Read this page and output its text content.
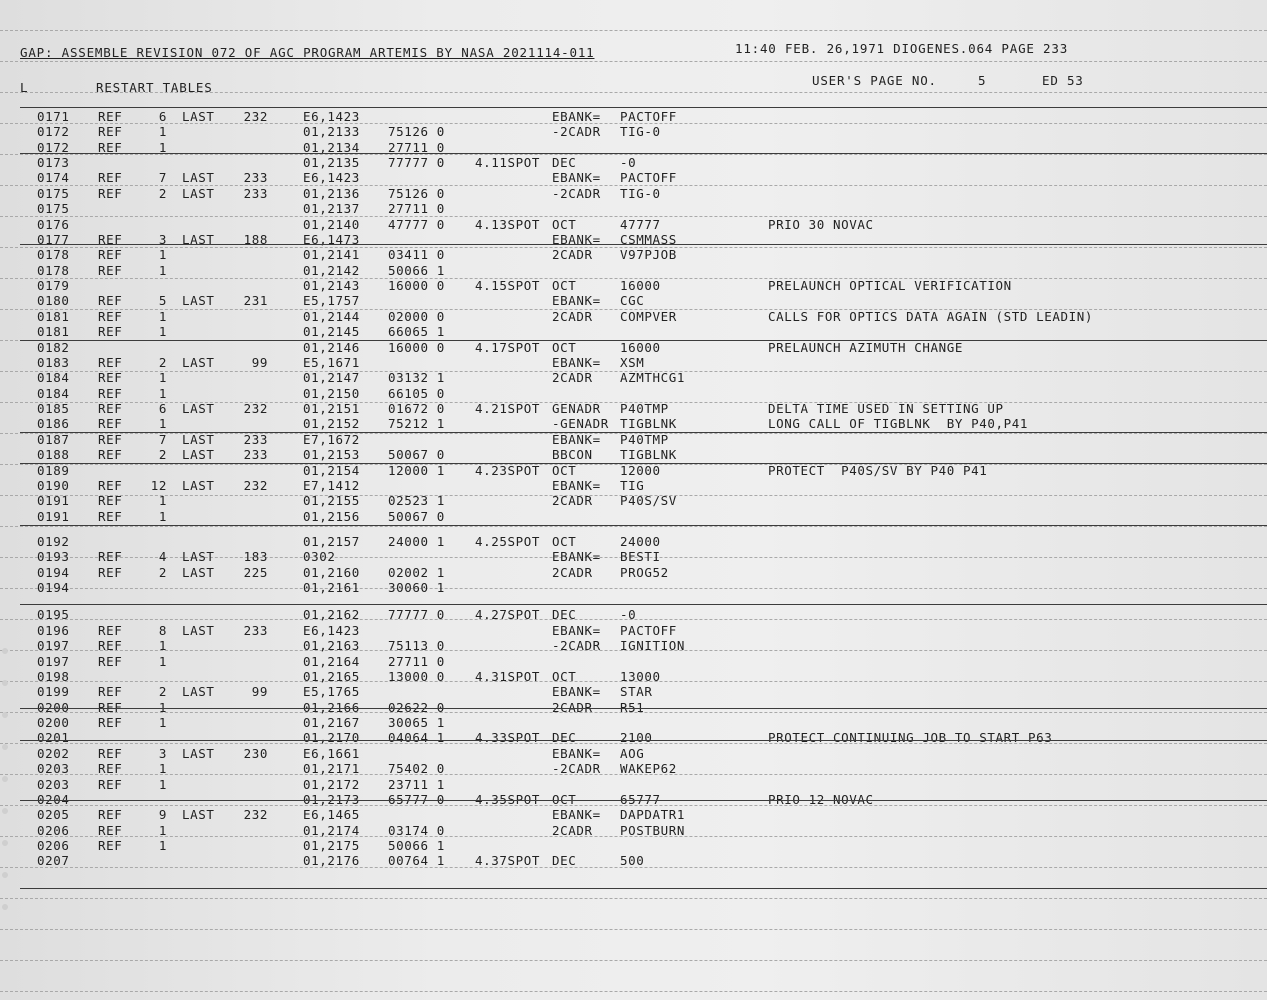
GAP: ASSEMBLE REVISION 072 OF AGC PROGRAM ARTEMIS BY NASA 2021114-011	11:40 FEB. 26,1971 DIOGENES.064 PAGE 233
L	RESTART TABLES	USER'S PAGE NO.	5	ED 53
0171 REF	6 LAST	232	E6,1423	EBANK= PACTOFF
0172 REF	1	01,2133 75126 0	-2CADR TIG-0
0172 REF	1	01,2134 27711 0
0173	01,2135 77777 0 4.11SPOT DEC	-0
0174 REF	7 LAST	233	E6,1423	EBANK= PACTOFF
0175 REF	2 LAST	233	01,2136 75126 0	-2CADR TIG-0
0175	01,2137 27711 0
0176	01,2140 47777 0 4.13SPOT OCT	47777	PRIO 30 NOVAC
0177 REF	3 LAST	188	E6,1473	EBANK= CSMMASS
0178 REF	1	01,2141 03411 0	2CADR V97PJOB
0178 REF	1	01,2142 50066 1
0179	01,2143 16000 0 4.15SPOT OCT	16000	PRELAUNCH OPTICAL VERIFICATION
0180 REF	5 LAST	231	E5,1757	EBANK= CGC
0181 REF	1	01,2144 02000 0	2CADR COMPVER	CALLS FOR OPTICS DATA AGAIN (STD LEADIN)
0181 REF	1	01,2145 66065 1
0182	01,2146 16000 0 4.17SPOT OCT	16000	PRELAUNCH AZIMUTH CHANGE
0183 REF	2 LAST	99	E5,1671	EBANK= XSM
0184 REF	1	01,2147 03132 1	2CADR AZMTHCG1
0184 REF	1	01,2150 66105 0
0185 REF	6 LAST	232	01,2151 01672 0 4.21SPOT GENADR P40TMP	DELTA TIME USED IN SETTING UP
0186 REF	1	01,2152 75212 1	-GENADR TIGBLNK	LONG CALL OF TIGBLNK  BY P40,P41
0187 REF	7 LAST	233	E7,1672	EBANK= P40TMP
0188 REF	2 LAST	233	01,2153 50067 0	BBCON TIGBLNK
0189	01,2154 12000 1 4.23SPOT OCT	12000	PROTECT  P40S/SV BY P40 P41
0190 REF	12 LAST	232	E7,1412	EBANK= TIG
0191 REF	1	01,2155 02523 1	2CADR P40S/SV
0191 REF	1	01,2156 50067 0
0192	01,2157 24000 1 4.25SPOT OCT	24000
0193 REF	4 LAST	183	0302	EBANK= BESTI
0194 REF	2 LAST	225	01,2160 02002 1	2CADR PROG52
0194	01,2161 30060 1
0195	01,2162 77777 0 4.27SPOT DEC	-0
0196 REF	8 LAST	233	E6,1423	EBANK= PACTOFF
0197 REF	1	01,2163 75113 0	-2CADR IGNITION
0197 REF	1	01,2164 27711 0
0198	01,2165 13000 0 4.31SPOT OCT	13000
0199 REF	2 LAST	99	E5,1765	EBANK= STAR
0200 REF	1	01,2166 02622 0	2CADR R51
0200 REF	1	01,2167 30065 1
0201	01,2170 04064 1 4.33SPOT DEC	2100	PROTECT CONTINUING JOB TO START P63
0202 REF	3 LAST	230	E6,1661	EBANK= AOG
0203 REF	1	01,2171 75402 0	-2CADR WAKEP62
0203 REF	1	01,2172 23711 1
0204	01,2173 65777 0 4.35SPOT OCT	65777	PRIO 12 NOVAC
0205 REF	9 LAST	232	E6,1465	EBANK= DAPDATR1
0206 REF	1	01,2174 03174 0	2CADR POSTBURN
0206 REF	1	01,2175 50066 1
0207	01,2176 00764 1 4.37SPOT DEC	500
